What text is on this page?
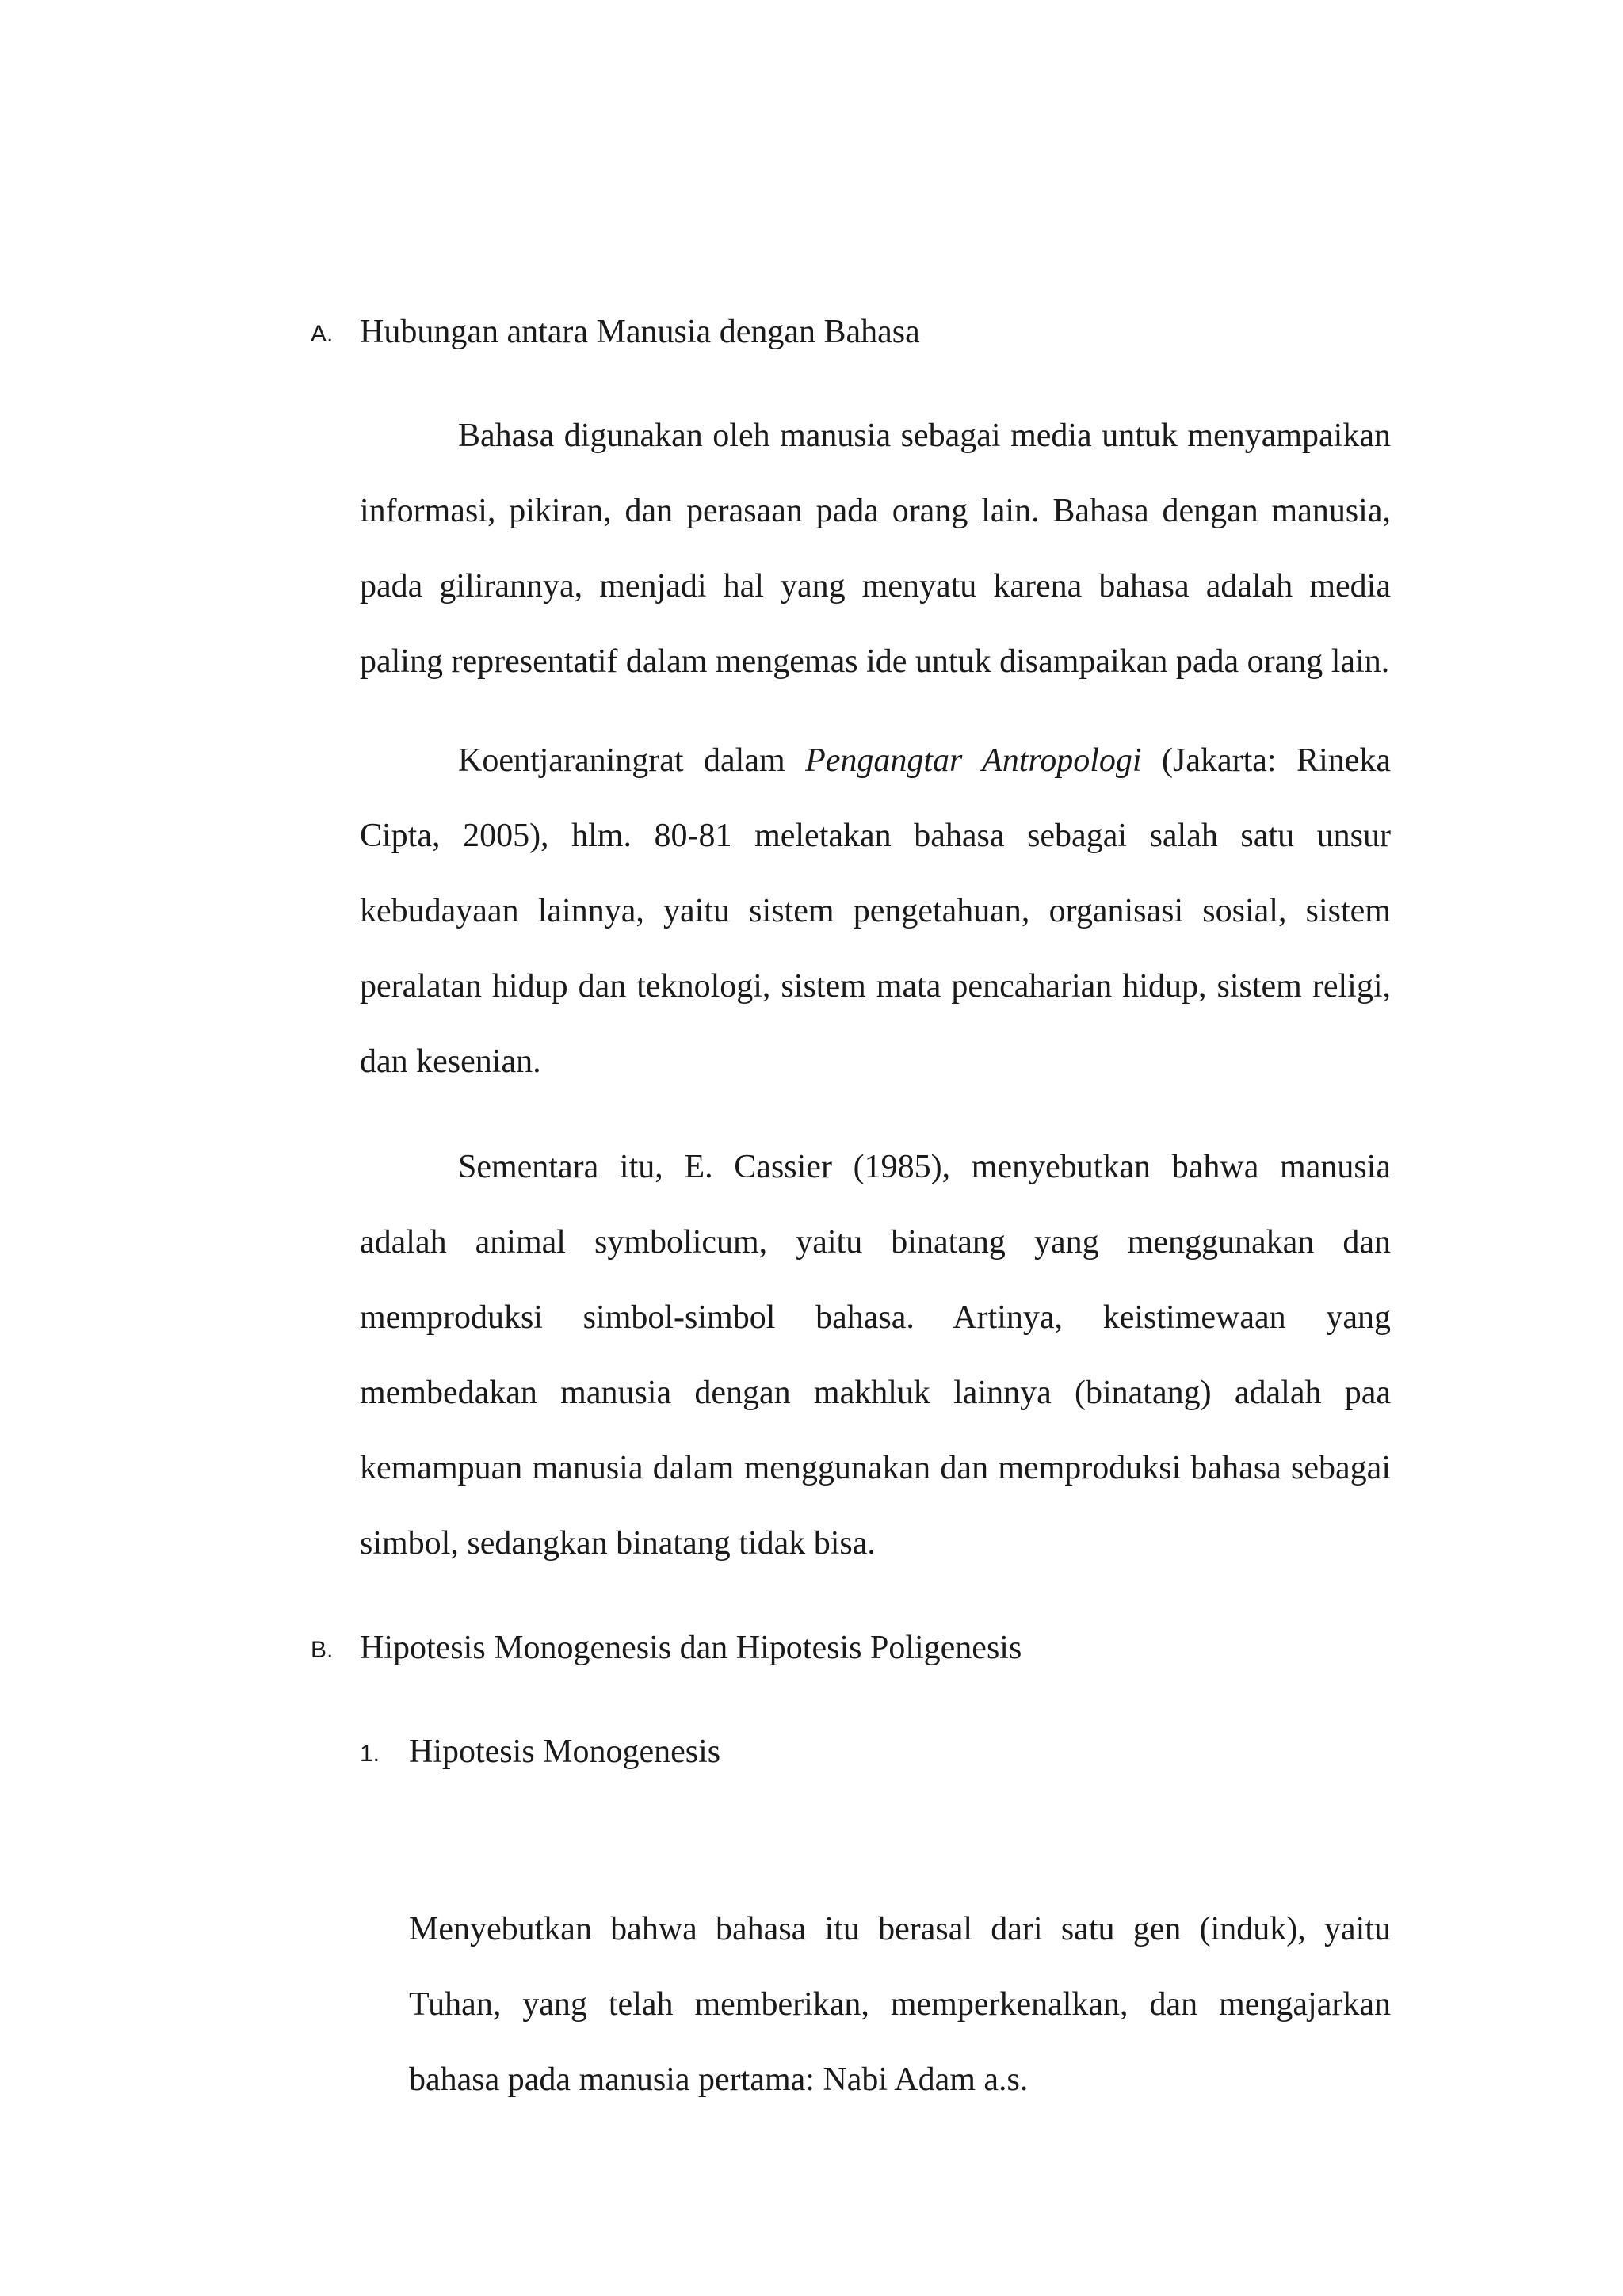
A. Hubungan antara Manusia dengan Bahasa

Bahasa digunakan oleh manusia sebagai media untuk menyampaikan informasi, pikiran, dan perasaan pada orang lain. Bahasa dengan manusia, pada gilirannya, menjadi hal yang menyatu karena bahasa adalah media paling representatif dalam mengemas ide untuk disampaikan pada orang lain.

Koentjaraningrat dalam Pengangtar Antropologi (Jakarta: Rineka Cipta, 2005), hlm. 80-81 meletakan bahasa sebagai salah satu unsur kebudayaan lainnya, yaitu sistem pengetahuan, organisasi sosial, sistem peralatan hidup dan teknologi, sistem mata pencaharian hidup, sistem religi, dan kesenian.

Sementara itu, E. Cassier (1985), menyebutkan bahwa manusia adalah animal symbolicum, yaitu binatang yang menggunakan dan memproduksi simbol-simbol bahasa. Artinya, keistimewaan yang membedakan manusia dengan makhluk lainnya (binatang) adalah paa kemampuan manusia dalam menggunakan dan memproduksi bahasa sebagai simbol, sedangkan binatang tidak bisa.

B. Hipotesis Monogenesis dan Hipotesis Poligenesis
1. Hipotesis Monogenesis

Menyebutkan bahwa bahasa itu berasal dari satu gen (induk), yaitu Tuhan, yang telah memberikan, memperkenalkan, dan mengajarkan bahasa pada manusia pertama: Nabi Adam a.s.
